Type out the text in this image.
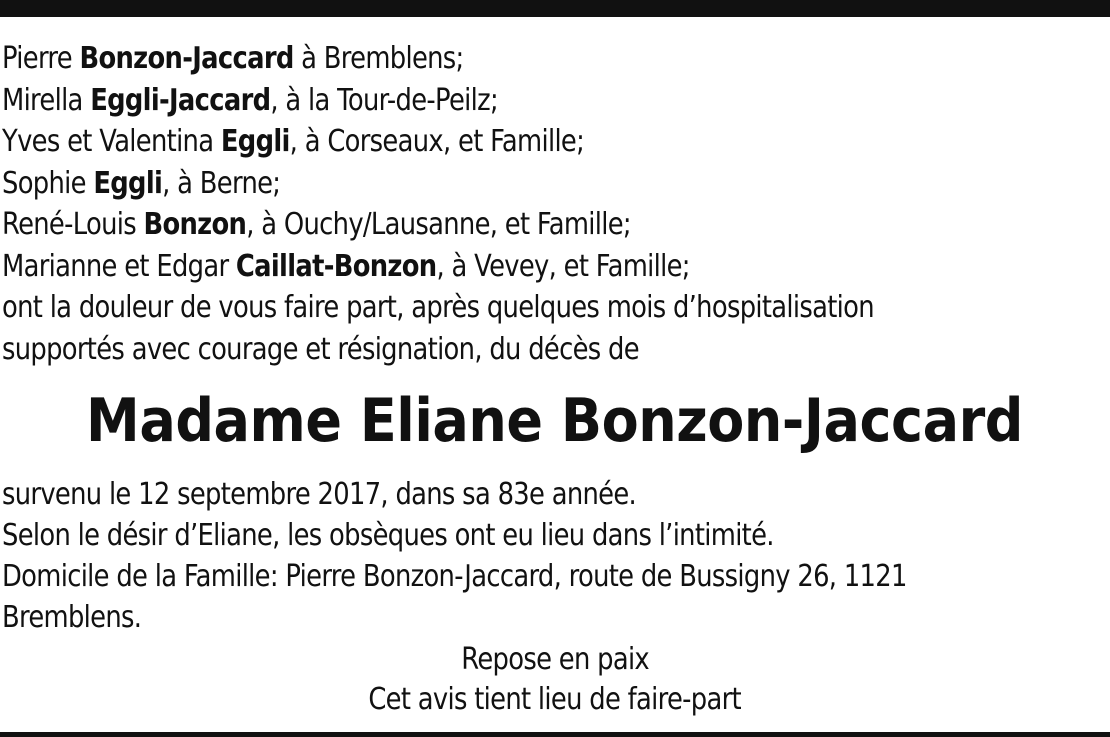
Pierre Bonzon-Jaccard à Bremblens;
Mirella Eggli-Jaccard, à la Tour-de-Peilz;
Yves et Valentina Eggli, à Corseaux, et Famille;
Sophie Eggli, à Berne;
René-Louis Bonzon, à Ouchy/Lausanne, et Famille;
Marianne et Edgar Caillat-Bonzon, à Vevey, et Famille;
ont la douleur de vous faire part, après quelques mois d’hospitalisation
supportés avec courage et résignation, du décès de
Madame Eliane Bonzon-Jaccard
survenu le 12 septembre 2017, dans sa 83e année.
Selon le désir d’Eliane, les obsèques ont eu lieu dans l’intimité.
Domicile de la Famille: Pierre Bonzon-Jaccard, route de Bussigny 26, 1121
Bremblens.
Repose en paix
Cet avis tient lieu de faire-part
